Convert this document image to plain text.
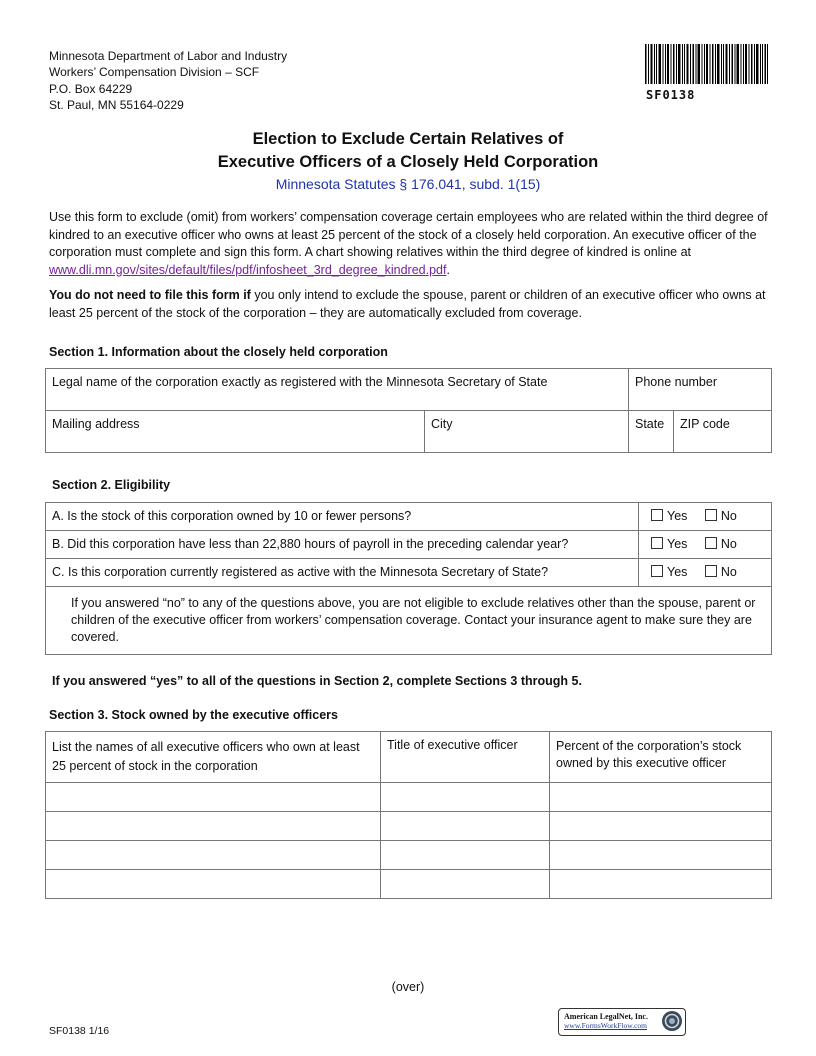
Minnesota Department of Labor and Industry
Workers’ Compensation Division – SCF
P.O. Box 64229
St. Paul, MN 55164-0229
SF0138
Election to Exclude Certain Relatives of
Executive Officers of a Closely Held Corporation
Minnesota Statutes § 176.041, subd. 1(15)
Use this form to exclude (omit) from workers’ compensation coverage certain employees who are related within the third degree of kindred to an executive officer who owns at least 25 percent of the stock of a closely held corporation. An executive officer of the corporation must complete and sign this form. A chart showing relatives within the third degree of kindred is online at www.dli.mn.gov/sites/default/files/pdf/infosheet_3rd_degree_kindred.pdf.
You do not need to file this form if you only intend to exclude the spouse, parent or children of an executive officer who owns at least 25 percent of the stock of the corporation – they are automatically excluded from coverage.
Section 1. Information about the closely held corporation
Legal name of the corporation exactly as registered with the Minnesota Secretary of State		Phone number	
Mailing address	City	State	ZIP code
Section 2. Eligibility
A. Is the stock of this corporation owned by 10 or fewer persons?	Yes No
B. Did this corporation have less than 22,880 hours of payroll in the preceding calendar year?	Yes No
C. Is this corporation currently registered as active with the Minnesota Secretary of State?	Yes No
If you answered “no” to any of the questions above, you are not eligible to exclude relatives other than the spouse, parent or children of the executive officer from workers’ compensation coverage. Contact your insurance agent to make sure they are covered.	
If you answered “yes” to all of the questions in Section 2, complete Sections 3 through 5.
Section 3. Stock owned by the executive officers
List the names of all executive officers who own at least 25 percent of stock in the corporation	Title of executive officer	Percent of the corporation’s stock owned by this executive officer

(over)
SF0138 1/16
American LegalNet, Inc.
www.FormsWorkFlow.com
